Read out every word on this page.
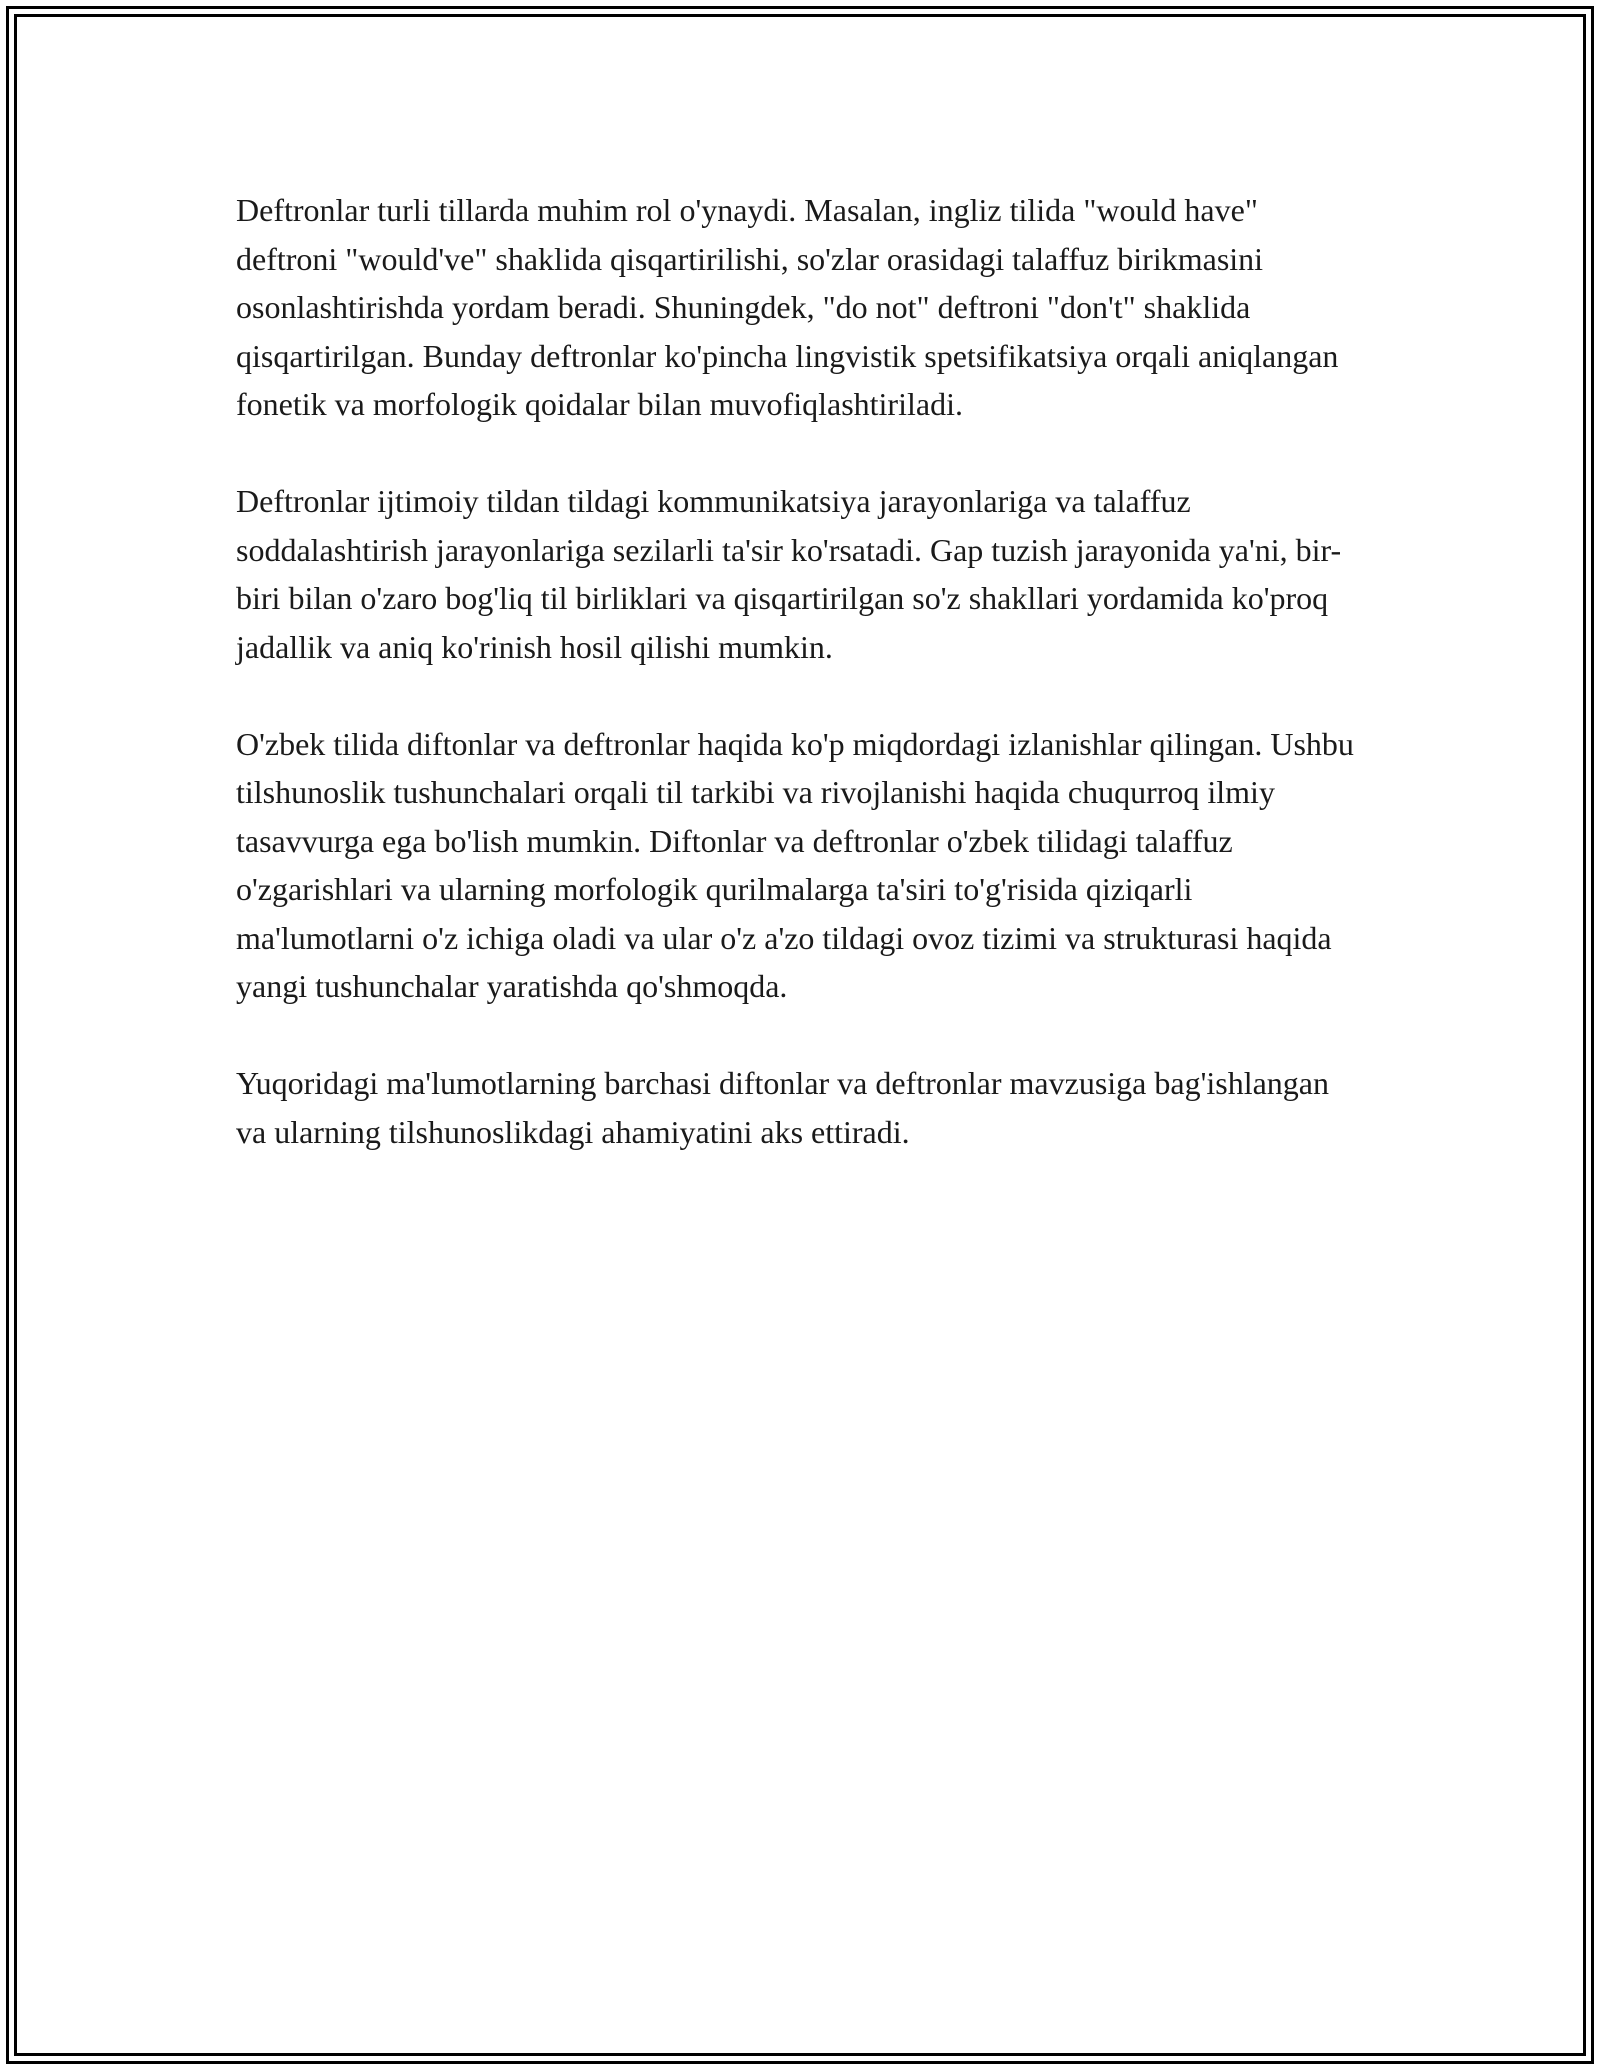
Deftronlar turli tillarda muhim rol o'ynaydi. Masalan, ingliz tilida "would have" deftroni "would've" shaklida qisqartirilishi, so'zlar orasidagi talaffuz birikmasini osonlashtirishda yordam beradi. Shuningdek, "do not" deftroni "don't" shaklida qisqartirilgan. Bunday deftronlar ko'pincha lingvistik spetsifikatsiya orqali aniqlangan fonetik va morfologik qoidalar bilan muvofiqlashtiriladi.

Deftronlar ijtimoiy tildan tildagi kommunikatsiya jarayonlariga va talaffuz soddalashtirish jarayonlariga sezilarli ta'sir ko'rsatadi. Gap tuzish jarayonida ya'ni, bir-biri bilan o'zaro bog'liq til birliklari va qisqartirilgan so'z shakllari yordamida ko'proq jadallik va aniq ko'rinish hosil qilishi mumkin.

O'zbek tilida diftonlar va deftronlar haqida ko'p miqdordagi izlanishlar qilingan. Ushbu tilshunoslik tushunchalari orqali til tarkibi va rivojlanishi haqida chuqurroq ilmiy tasavvurga ega bo'lish mumkin. Diftonlar va deftronlar o'zbek tilidagi talaffuz o'zgarishlari va ularning morfologik qurilmalarga ta'siri to'g'risida qiziqarli ma'lumotlarni o'z ichiga oladi va ular o'z a'zo tildagi ovoz tizimi va strukturasi haqida yangi tushunchalar yaratishda qo'shmoqda.

Yuqoridagi ma'lumotlarning barchasi diftonlar va deftronlar mavzusiga bag'ishlangan va ularning tilshunoslikdagi ahamiyatini aks ettiradi.
